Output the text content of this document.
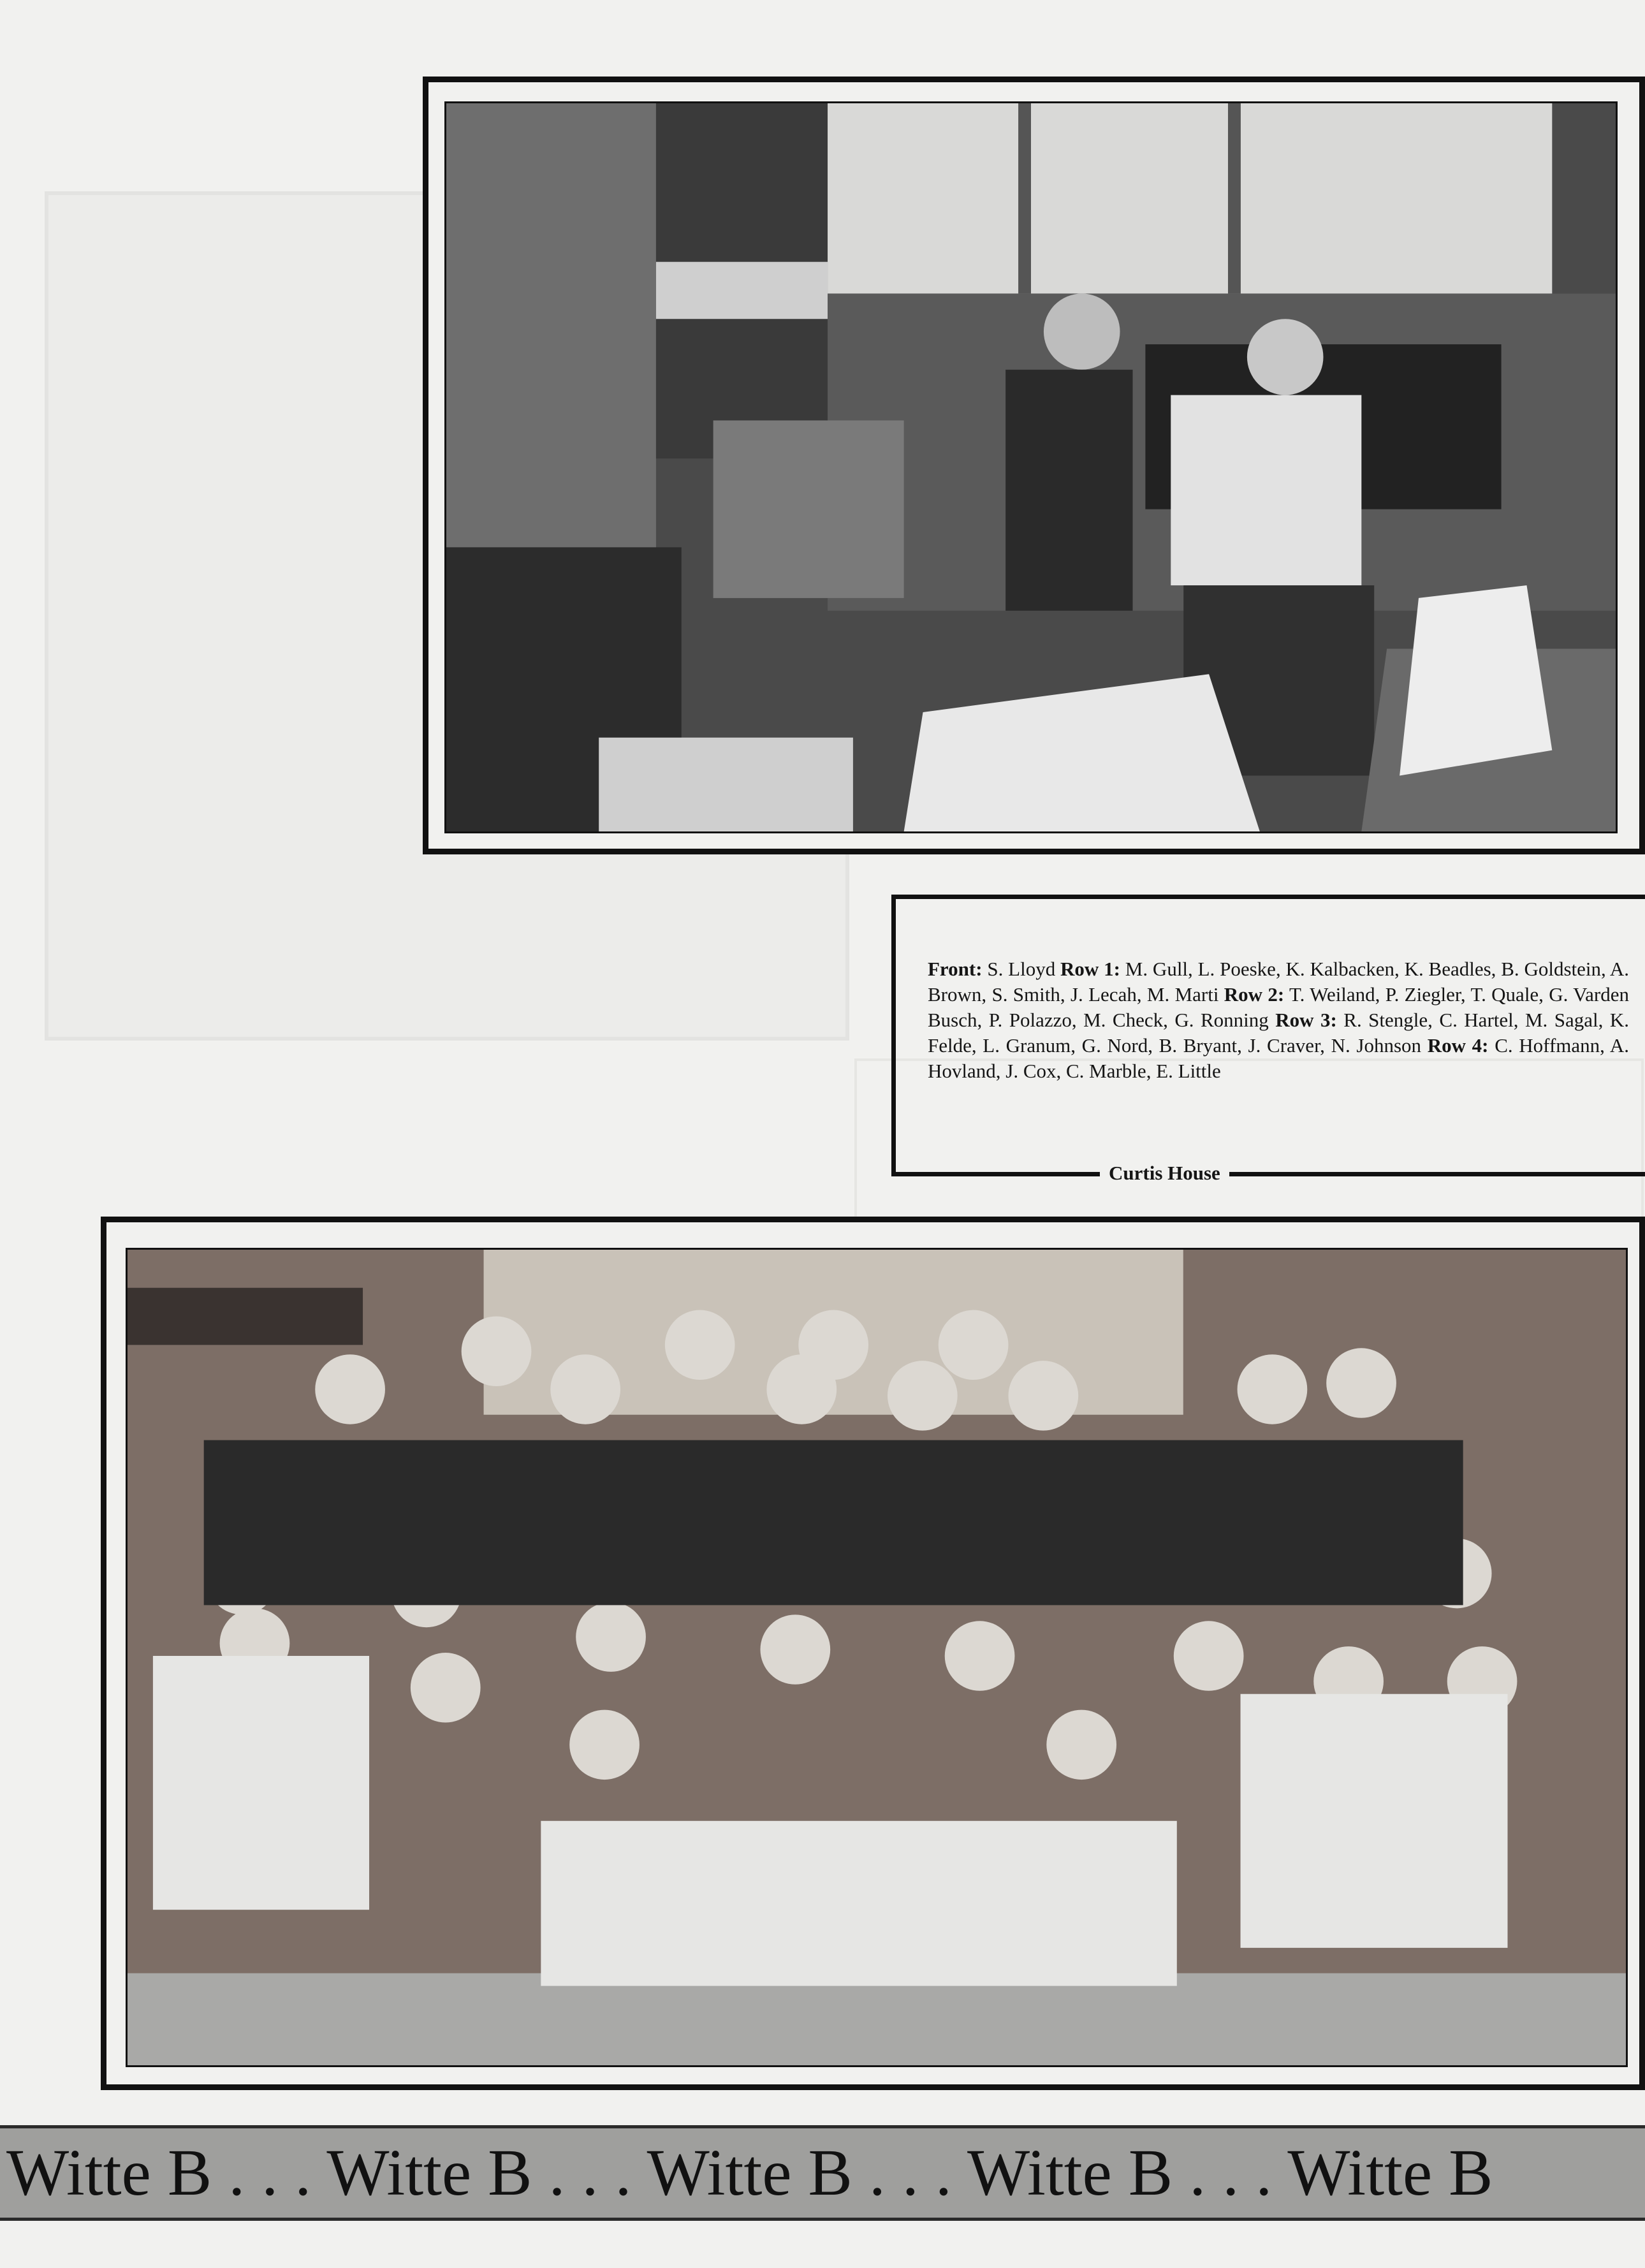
Front: S. Lloyd Row 1: M. Gull, L. Poeske, K. Kalbacken, K. Beadles, B. Goldstein, A. Brown, S. Smith, J. Lecah, M. Marti Row 2: T. Weiland, P. Ziegler, T. Quale, G. Varden Busch, P. Polazzo, M. Check, G. Ronning Row 3: R. Stengle, C. Hartel, M. Sagal, K. Felde, L. Granum, G. Nord, B. Bryant, J. Craver, N. Johnson Row 4: C. Hoffmann, A. Hovland, J. Cox, C. Marble, E. Little

Curtis House
Witte B . . . Witte B . . . Witte B . . . Witte B . . . Witte B
